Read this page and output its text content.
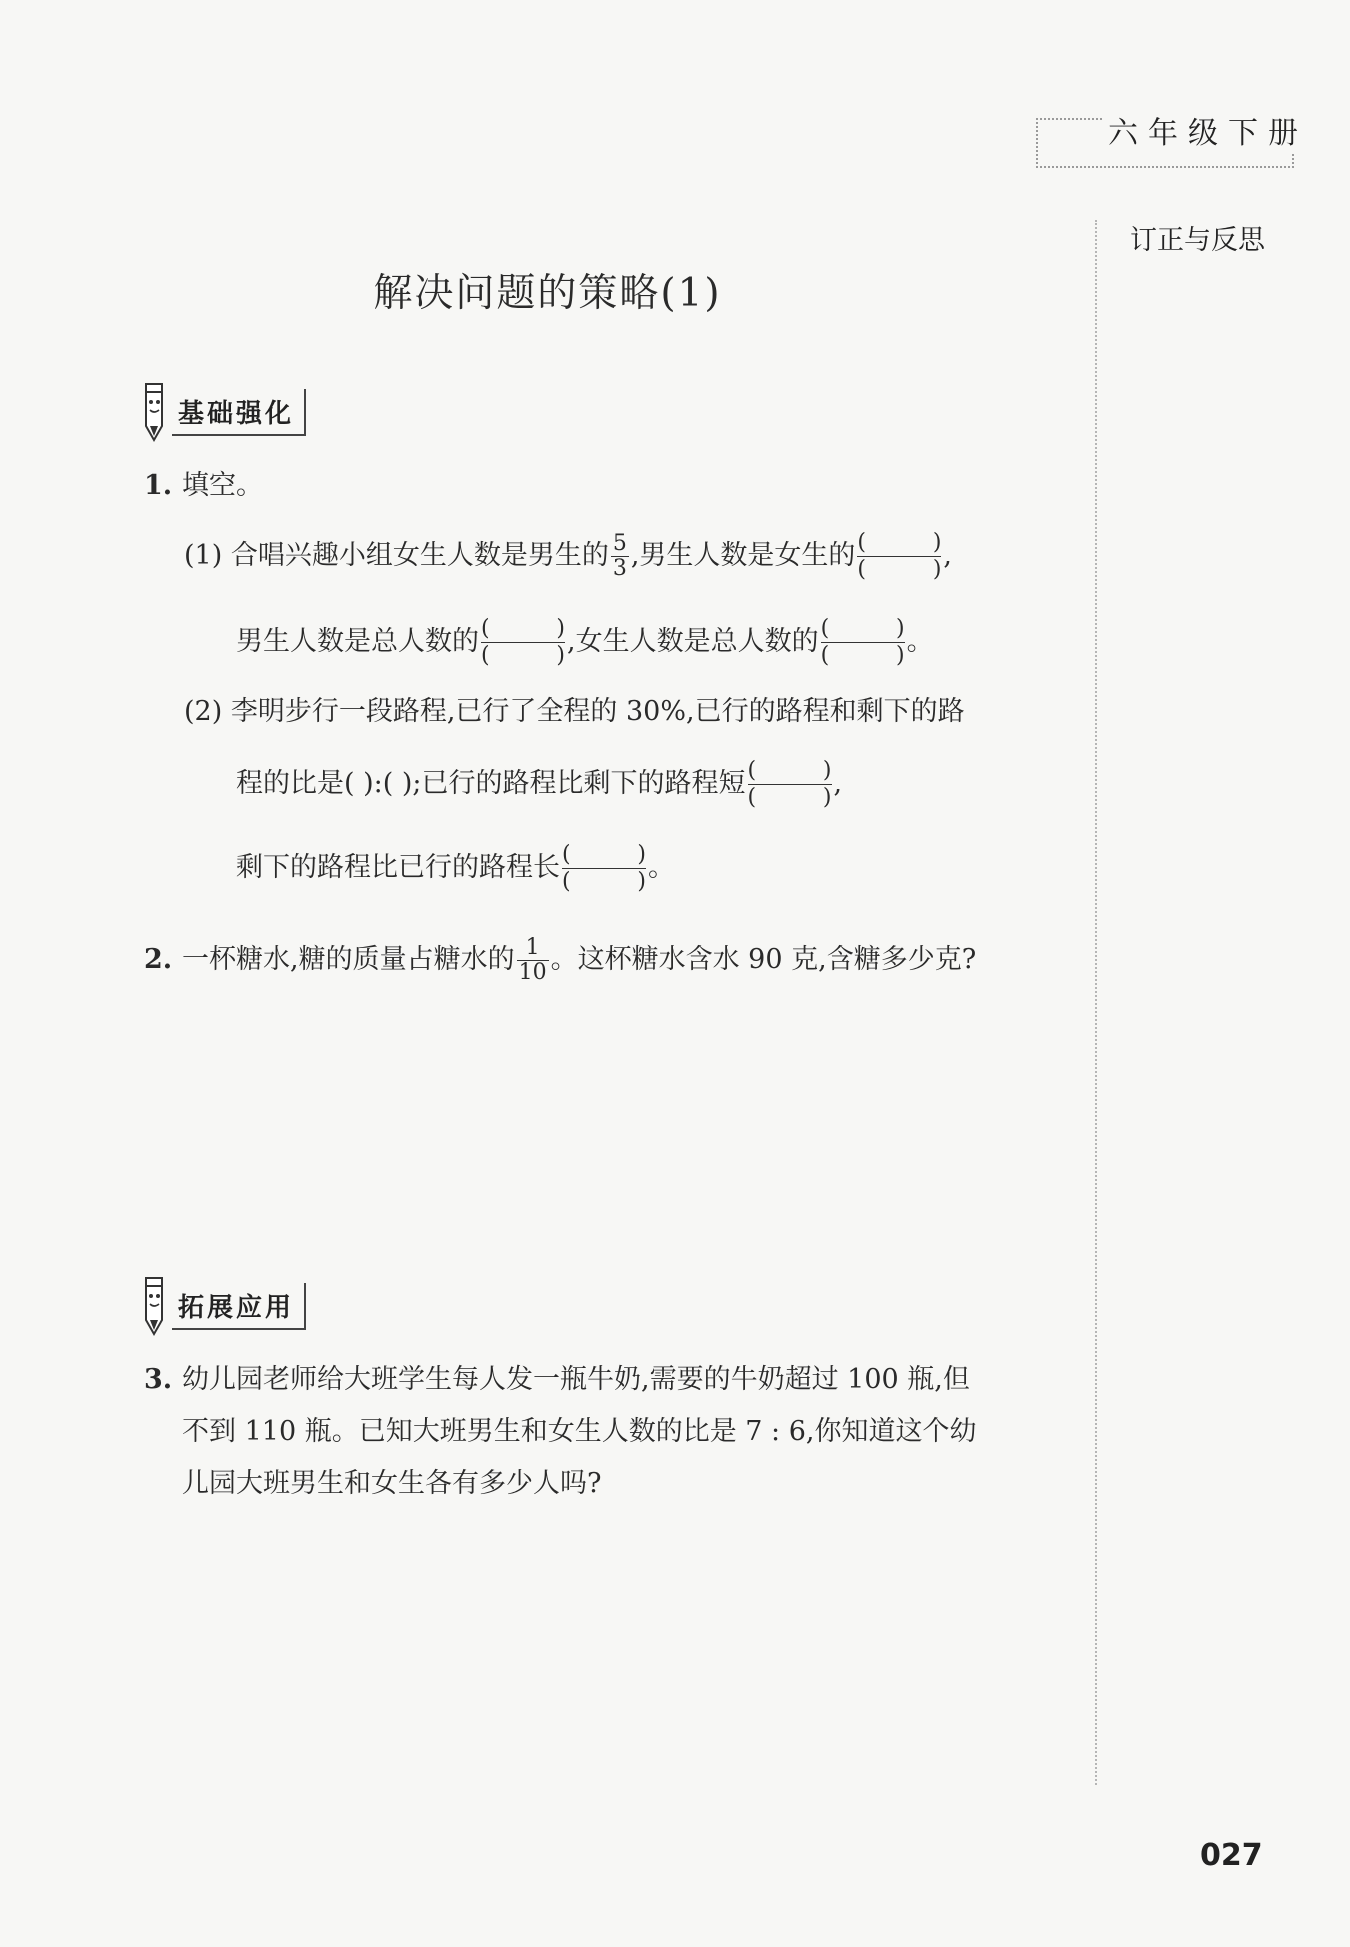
六年级下册
订正与反思
解决问题的策略(1)
基础强化
1. 填空。
(1) 合唱兴趣小组女生人数是男生的 $\frac{5}{3}$ ,男生人数是女生的 (	)
(	) ,
男生人数是总人数的 (	)
(	) ,女生人数是总人数的 (	)
(	) 。
(2) 李明步行一段路程,已行了全程的 30%,已行的路程和剩下的路
程的比是( ):( );已行的路程比剩下的路程短 (	)
(	) ,
剩下的路程比已行的路程长 (	)
(	) 。
2. 一杯糖水,糖的质量占糖水的 $\frac{1}{10}$ 。这杯糖水含水 90 克,含糖多少克?
拓展应用
3. 幼儿园老师给大班学生每人发一瓶牛奶,需要的牛奶超过 100 瓶,但
不到 110 瓶。已知大班男生和女生人数的比是 7 : 6,你知道这个幼
儿园大班男生和女生各有多少人吗?
027
